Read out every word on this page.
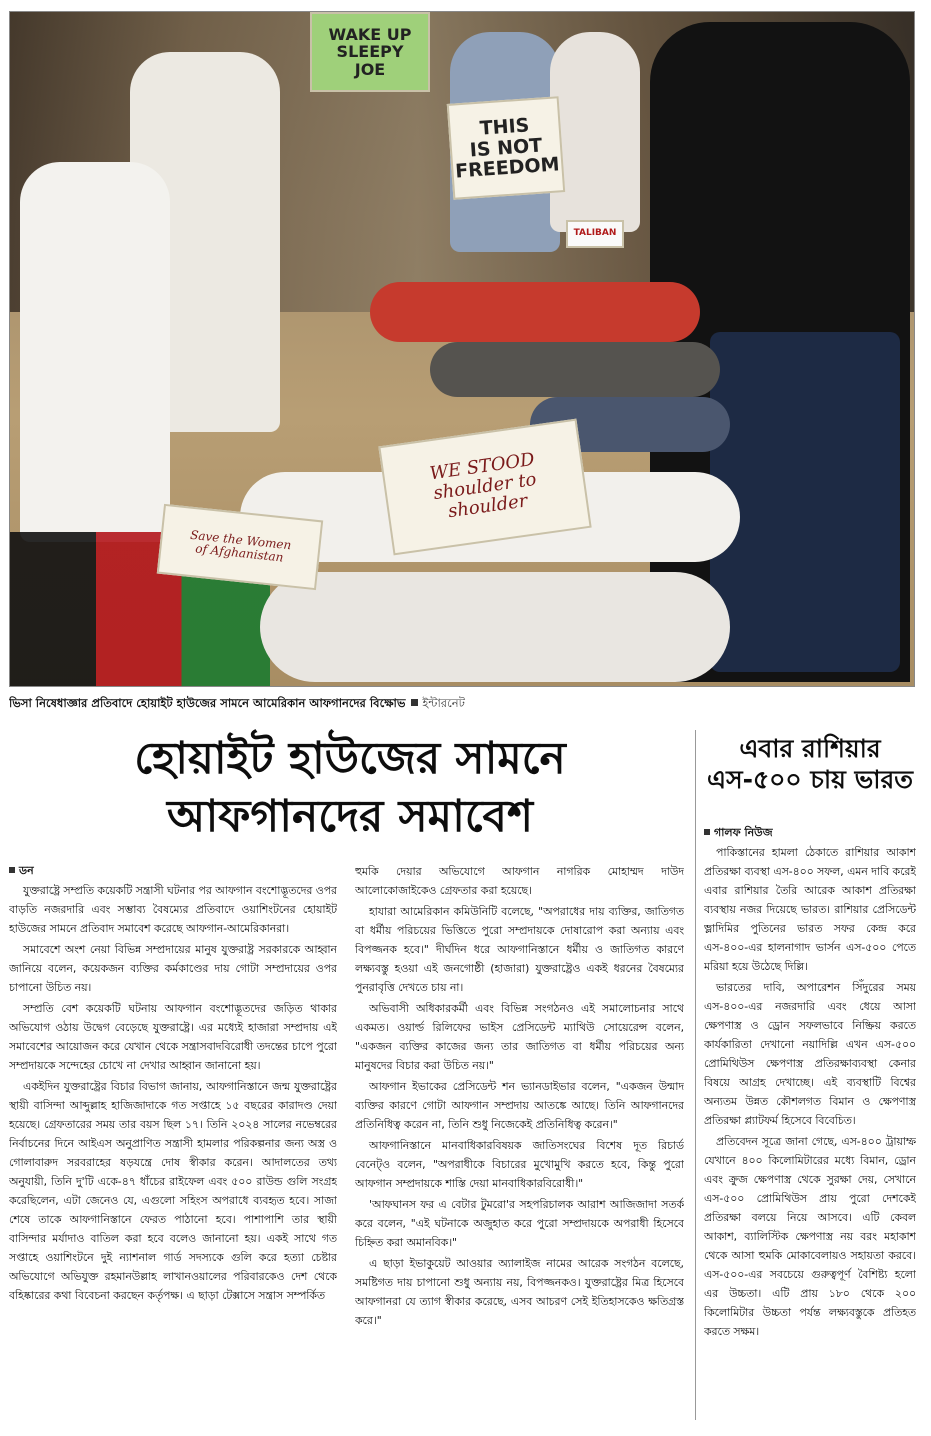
WAKE UP
SLEEPY
JOE
THIS
IS NOT
FREEDOM
WE STOOD
shoulder to
shoulder
Save the Women
of Afghanistan
TALIBAN
ভিসা নিষেধাজ্ঞার প্রতিবাদে হোয়াইট হাউজের সামনে আমেরিকান আফগানদের বিক্ষোভ ইন্টারনেট
হোয়াইট হাউজের সামনে
আফগানদের সমাবেশ
এবার রাশিয়ার এস-৫০০ চায় ভারত
ডন

যুক্তরাষ্ট্রে সম্প্রতি কয়েকটি সন্ত্রাসী ঘটনার পর আফগান বংশোদ্ভূতদের ওপর বাড়তি নজরদারি এবং সম্ভাব্য বৈষম্যের প্রতিবাদে ওয়াশিংটনের হোয়াইট হাউজের সামনে প্রতিবাদ সমাবেশ করেছে আফগান-আমেরিকানরা।

সমাবেশে অংশ নেয়া বিভিন্ন সম্প্রদায়ের মানুষ যুক্তরাষ্ট্র সরকারকে আহ্বান জানিয়ে বলেন, কয়েকজন ব্যক্তির কর্মকাণ্ডের দায় গোটা সম্প্রদায়ের ওপর চাপানো উচিত নয়।

সম্প্রতি বেশ কয়েকটি ঘটনায় আফগান বংশোদ্ভূতদের জড়িত থাকার অভিযোগ ওঠায় উদ্বেগ বেড়েছে যুক্তরাষ্ট্রে। এর মধ্যেই হাজারা সম্প্রদায় এই সমাবেশের আয়োজন করে যেখান থেকে সন্ত্রাসবাদবিরোধী তদন্তের চাপে পুরো সম্প্রদায়কে সন্দেহের চোখে না দেখার আহ্বান জানানো হয়।

একইদিন যুক্তরাষ্ট্রের বিচার বিভাগ জানায়, আফগানিস্তানে জন্ম যুক্তরাষ্ট্রের স্থায়ী বাসিন্দা আব্দুল্লাহ হাজিজাদাকে গত সপ্তাহে ১৫ বছরের কারাদণ্ড দেয়া হয়েছে। গ্রেফতারের সময় তার বয়স ছিল ১৭। তিনি ২০২৪ সালের নভেম্বরের নির্বাচনের দিনে আইএস অনুপ্রাণিত সন্ত্রাসী হামলার পরিকল্পনার জন্য অস্ত্র ও গোলাবারুদ সরবরাহের ষড়যন্ত্রে দোষ স্বীকার করেন। আদালতের তথ্য অনুযায়ী, তিনি দু'টি একে-৪৭ ধাঁচের রাইফেল এবং ৫০০ রাউন্ড গুলি সংগ্রহ করেছিলেন, এটা জেনেও যে, এগুলো সহিংস অপরাধে ব্যবহৃত হবে। সাজা শেষে তাকে আফগানিস্তানে ফেরত পাঠানো হবে। পাশাপাশি তার স্থায়ী বাসিন্দার মর্যাদাও বাতিল করা হবে বলেও জানানো হয়। একই সাথে গত সপ্তাহে ওয়াশিংটনে দুই ন্যাশনাল গার্ড সদস্যকে গুলি করে হত্যা চেষ্টার অভিযোগে অভিযুক্ত রহমানউল্লাহ লাখানওয়ালের পরিবারকেও দেশ থেকে বহিষ্কারের কথা বিবেচনা করছেন কর্তৃপক্ষ। এ ছাড়া টেক্সাসে সন্ত্রাস সম্পর্কিত

হুমকি দেয়ার অভিযোগে আফগান নাগরিক মোহাম্মদ দাউদ আলোকোজাইকেও গ্রেফতার করা হয়েছে।

হাযারা আমেরিকান কমিউনিটি বলেছে, "অপরাধের দায় ব্যক্তির, জাতিগত বা ধর্মীয় পরিচয়ের ভিত্তিতে পুরো সম্প্রদায়কে দোষারোপ করা অন্যায় এবং বিপজ্জনক হবে।" দীর্ঘদিন ধরে আফগানিস্তানে ধর্মীয় ও জাতিগত কারণে লক্ষ্যবস্তু হওয়া এই জনগোষ্ঠী (হাজারা) যুক্তরাষ্ট্রেও একই ধরনের বৈষম্যের পুনরাবৃত্তি দেখতে চায় না।

অভিবাসী অধিকারকর্মী এবং বিভিন্ন সংগঠনও এই সমালোচনার সাথে একমত। ওয়ার্ল্ড রিলিফের ভাইস প্রেসিডেন্ট ম্যাথিউ সোয়েরেন্স বলেন, "একজন ব্যক্তির কাজের জন্য তার জাতিগত বা ধর্মীয় পরিচয়ের অন্য মানুষদের বিচার করা উচিত নয়।"

আফগান ইভাকের প্রেসিডেন্ট শন ভ্যানডাইভার বলেন, "একজন উন্মাদ ব্যক্তির কারণে গোটা আফগান সম্প্রদায় আতঙ্কে আছে। তিনি আফগানদের প্রতিনিধিত্ব করেন না, তিনি শুধু নিজেকেই প্রতিনিধিত্ব করেন।"

আফগানিস্তানে মানবাধিকারবিষয়ক জাতিসংঘের বিশেষ দূত রিচার্ড বেনেট্ও বলেন, "অপরাধীকে বিচারের মুখোমুখি করতে হবে, কিন্তু পুরো আফগান সম্প্রদায়কে শাস্তি দেয়া মানবাধিকারবিরোধী।"

'আফঘানস ফর এ বেটার টুমরো'র সহপরিচালক আরাশ আজিজাদা সতর্ক করে বলেন, "এই ঘটনাকে অজুহাত করে পুরো সম্প্রদায়কে অপরাধী হিসেবে চিহ্নিত করা অমানবিক।"

এ ছাড়া ইভাকুয়েট আওয়ার অ্যালাইজ নামের আরেক সংগঠন বলেছে, সমষ্টিগত দায় চাপানো শুধু অন্যায় নয়, বিপজ্জনকও। যুক্তরাষ্ট্রের মিত্র হিসেবে আফগানরা যে ত্যাগ স্বীকার করেছে, এসব আচরণ সেই ইতিহাসকেও ক্ষতিগ্রস্ত করে।"

গালফ নিউজ

পাকিস্তানের হামলা ঠেকাতে রাশিয়ার আকাশ প্রতিরক্ষা ব্যবস্থা এস-৪০০ সফল, এমন দাবি করেই এবার রাশিয়ার তৈরি আরেক আকাশ প্রতিরক্ষা ব্যবস্থায় নজর দিয়েছে ভারত। রাশিয়ার প্রেসিডেন্ট ভ্লাদিমির পুতিনের ভারত সফর কেন্দ্র করে এস-৪০০-এর হালনাগাদ ভার্সন এস-৫০০ পেতে মরিয়া হয়ে উঠেছে দিল্লি।

ভারতের দাবি, অপারেশন সিঁদুরের সময় এস-৪০০-এর নজরদারি এবং ধেয়ে আসা ক্ষেপণাস্ত্র ও ড্রোন সফলভাবে নিষ্ক্রিয় করতে কার্যকারিতা দেখানো নয়াদিল্লি এখন এস-৫০০ প্রোমিথিউস ক্ষেপণাস্ত্র প্রতিরক্ষাব্যবস্থা কেনার বিষয়ে আগ্রহ দেখাচ্ছে। এই ব্যবস্থাটি বিশ্বের অন্যতম উন্নত কৌশলগত বিমান ও ক্ষেপণাস্ত্র প্রতিরক্ষা প্ল্যাটফর্ম হিসেবে বিবেচিত।

প্রতিবেদন সূত্রে জানা গেছে, এস-৪০০ ট্রায়াম্ফ যেখানে ৪০০ কিলোমিটারের মধ্যে বিমান, ড্রোন এবং ক্রুজ ক্ষেপণাস্ত্র থেকে সুরক্ষা দেয়, সেখানে এস-৫০০ প্রোমিথিউস প্রায় পুরো দেশকেই প্রতিরক্ষা বলয়ে নিয়ে আসবে। এটি কেবল আকাশ, ব্যালিস্টিক ক্ষেপণাস্ত্র নয় বরং মহাকাশ থেকে আসা হুমকি মোকাবেলায়ও সহায়তা করবে। এস-৫০০-এর সবচেয়ে গুরুত্বপূর্ণ বৈশিষ্ট্য হলো এর উচ্চতা। এটি প্রায় ১৮০ থেকে ২০০ কিলোমিটার উচ্চতা পর্যন্ত লক্ষ্যবস্তুকে প্রতিহত করতে সক্ষম।
